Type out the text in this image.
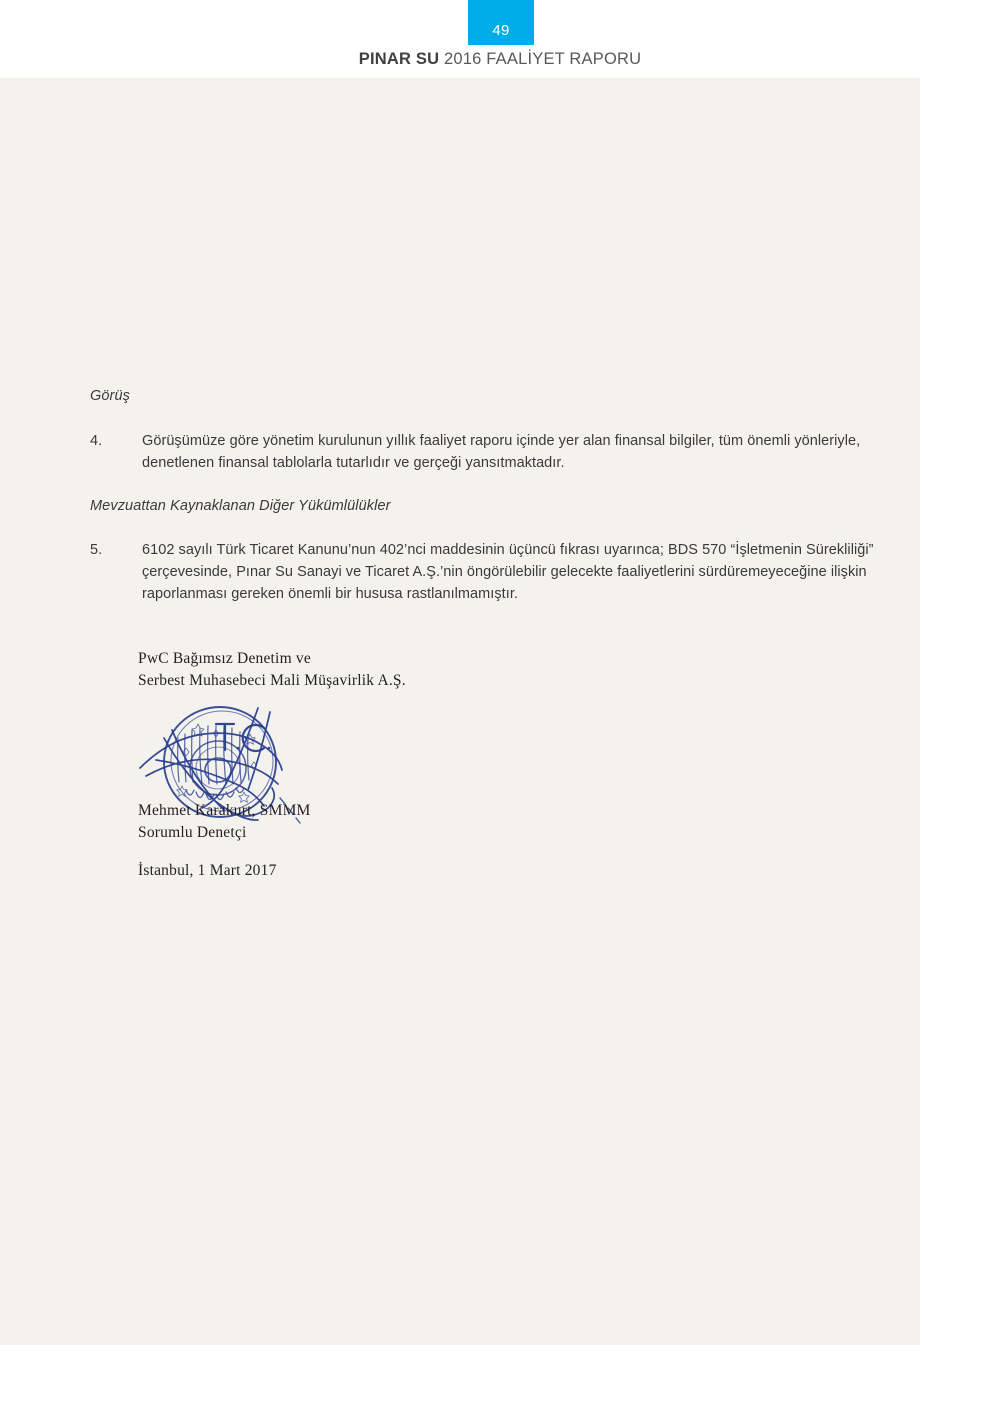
49
PINAR SU 2016 FAALİYET RAPORU

Görüş

4.	Görüşümüze göre yönetim kurulunun yıllık faaliyet raporu içinde yer alan finansal bilgiler, tüm önemli yönleriyle, denetlenen finansal tablolarla tutarlıdır ve gerçeği yansıtmaktadır.

Mevzuattan Kaynaklanan Diğer Yükümlülükler

5.	6102 sayılı Türk Ticaret Kanunu’nun 402’nci maddesinin üçüncü fıkrası uyarınca; BDS 570 “İşletmenin Sürekliliği” çerçevesinde, Pınar Su Sanayi ve Ticaret A.Ş.’nin öngörülebilir gelecekte faaliyetlerini sürdüremeyeceğine ilişkin raporlanması gereken önemli bir hususa rastlanılmamıştır.
PwC Bağımsız Denetim ve
Serbest Muhasebeci Mali Müşavirlik A.Ş.
Mehmet Karakurt, SMMM
Sorumlu Denetçi
İstanbul, 1 Mart 2017
